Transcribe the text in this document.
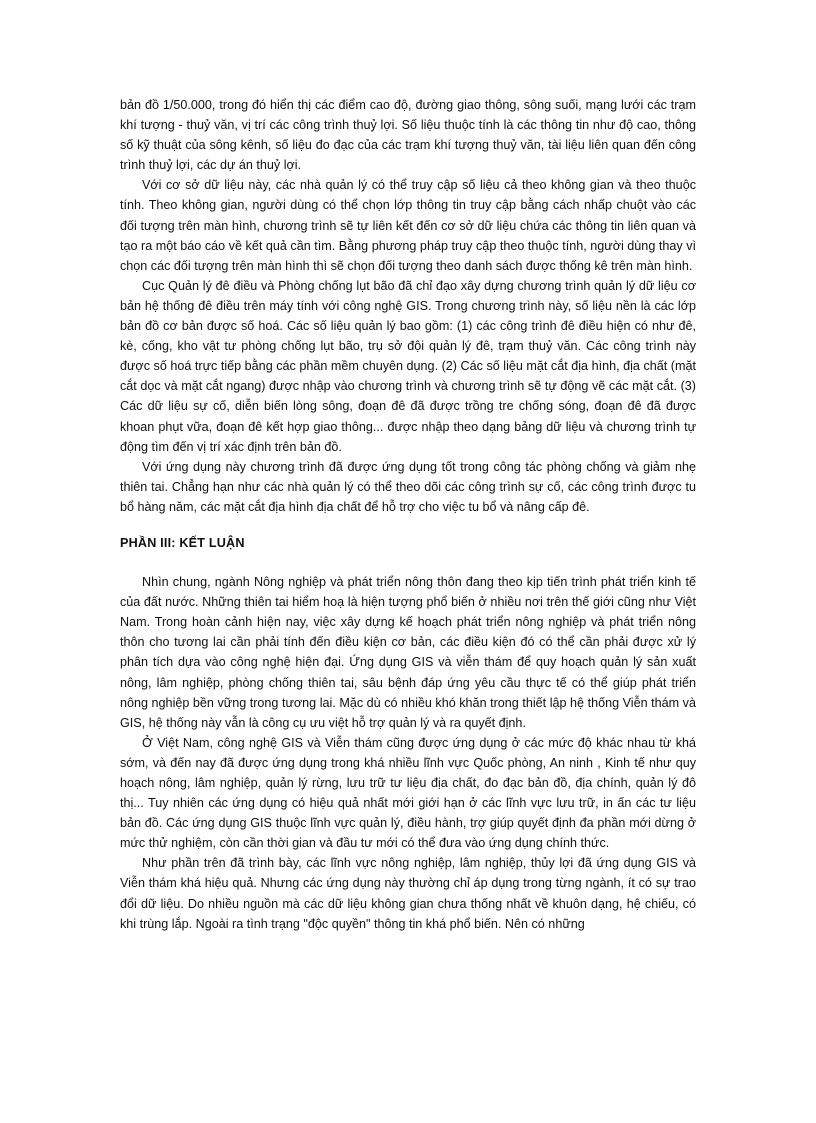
bản đồ 1/50.000, trong đó hiển thị các điểm cao độ, đường giao thông, sông suối, mạng lưới các trạm khí tượng - thuỷ văn, vị trí các công trình thuỷ lợi. Số liệu thuộc tính là các thông tin như độ cao, thông số kỹ thuật của sông kênh, số liệu đo đạc của các trạm khí tượng thuỷ văn, tài liệu liên quan đến công trình thuỷ lợi, các dự án thuỷ lợi.

Với cơ sở dữ liệu này, các nhà quản lý có thể truy cập số liệu cả theo không gian và theo thuộc tính. Theo không gian, người dùng có thể chọn lớp thông tin truy cập bằng cách nhấp chuột vào các đối tượng trên màn hình, chương trình sẽ tự liên kết đến cơ sở dữ liệu chứa các thông tin liên quan và tạo ra một báo cáo về kết quả cần tìm. Bằng phương pháp truy cập theo thuộc tính, người dùng thay vì chọn các đối tượng trên màn hình thì sẽ chọn đối tượng theo danh sách được thống kê trên màn hình.

Cục Quản lý đê điều và Phòng chống lụt bão đã chỉ đạo xây dựng chương trình quản lý dữ liệu cơ bản hệ thống đê điều trên máy tính với công nghệ GIS. Trong chương trình này, số liệu nền là các lớp bản đồ cơ bản được số hoá. Các số liệu quản lý bao gồm: (1) các công trình đê điều hiện có như đê, kè, cống, kho vật tư phòng chống lụt bão, trụ sở đội quản lý đê, trạm thuỷ văn. Các công trình này được số hoá trực tiếp bằng các phần mềm chuyên dụng. (2) Các số liệu mặt cắt địa hình, địa chất (mặt cắt dọc và mặt cắt ngang) được nhập vào chương trình và chương trình sẽ tự động vẽ các mặt cắt. (3) Các dữ liệu sự cố, diễn biến lòng sông, đoạn đê đã được trồng tre chống sóng, đoạn đê đã được khoan phụt vữa, đoạn đê kết hợp giao thông... được nhập theo dạng bảng dữ liệu và chương trình tự động tìm đến vị trí xác định trên bản đồ.

Với ứng dụng này chương trình đã được ứng dụng tốt trong công tác phòng chống và giảm nhẹ thiên tai. Chẳng hạn như các nhà quản lý có thể theo dõi các công trình sự cố, các công trình được tu bổ hàng năm, các mặt cắt địa hình địa chất để hỗ trợ cho việc tu bổ và nâng cấp đê.

PHẦN III: KẾT LUẬN

Nhìn chung, ngành Nông nghiệp và phát triển nông thôn đang theo kịp tiến trình phát triển kinh tế của đất nước. Những thiên tai hiểm hoạ là hiện tượng phổ biến ở nhiều nơi trên thế giới cũng như Việt Nam. Trong hoàn cảnh hiện nay, việc xây dựng kế hoạch phát triển nông nghiệp và phát triển nông thôn cho tương lai cần phải tính đến điều kiện cơ bản, các điều kiện đó có thể cần phải được xử lý phân tích dựa vào công nghệ hiện đại. Ứng dụng GIS và viễn thám để quy hoạch quản lý sản xuất nông, lâm nghiệp, phòng chống thiên tai, sâu bệnh đáp ứng yêu cầu thực tế có thể giúp phát triển nông nghiệp bền vững trong tương lai. Mặc dù có nhiều khó khăn trong thiết lập hệ thống Viễn thám và GIS, hệ thống này vẫn là công cụ ưu việt hỗ trợ quản lý và ra quyết định.

Ở Việt Nam, công nghệ GIS và Viễn thám cũng được ứng dụng ở các mức độ khác nhau từ khá sớm, và đến nay đã được ứng dụng trong khá nhiều lĩnh vực Quốc phòng, An ninh , Kinh tế như quy hoạch nông, lâm nghiệp, quản lý rừng, lưu trữ tư liệu địa chất, đo đạc bản đồ, địa chính, quản lý đô thị... Tuy nhiên các ứng dụng có hiệu quả nhất mới giới hạn ở các lĩnh vực lưu trữ, in ấn các tư liệu bản đồ. Các ứng dụng GIS thuộc lĩnh vực quản lý, điều hành, trợ giúp quyết định đa phần mới dừng ở mức thử nghiệm, còn cần thời gian và đầu tư mới có thể đưa vào ứng dụng chính thức.

Như phần trên đã trình bày, các lĩnh vực nông nghiệp, lâm nghiệp, thủy lợi đã ứng dụng GIS và Viễn thám khá hiệu quả. Nhưng các ứng dụng này thường chỉ áp dụng trong từng ngành, ít có sự trao đổi dữ liệu. Do nhiều nguồn mà các dữ liệu không gian chưa thống nhất về khuôn dạng, hệ chiếu, có khi trùng lắp. Ngoài ra tình trạng "độc quyền" thông tin khá phổ biến. Nên có những
